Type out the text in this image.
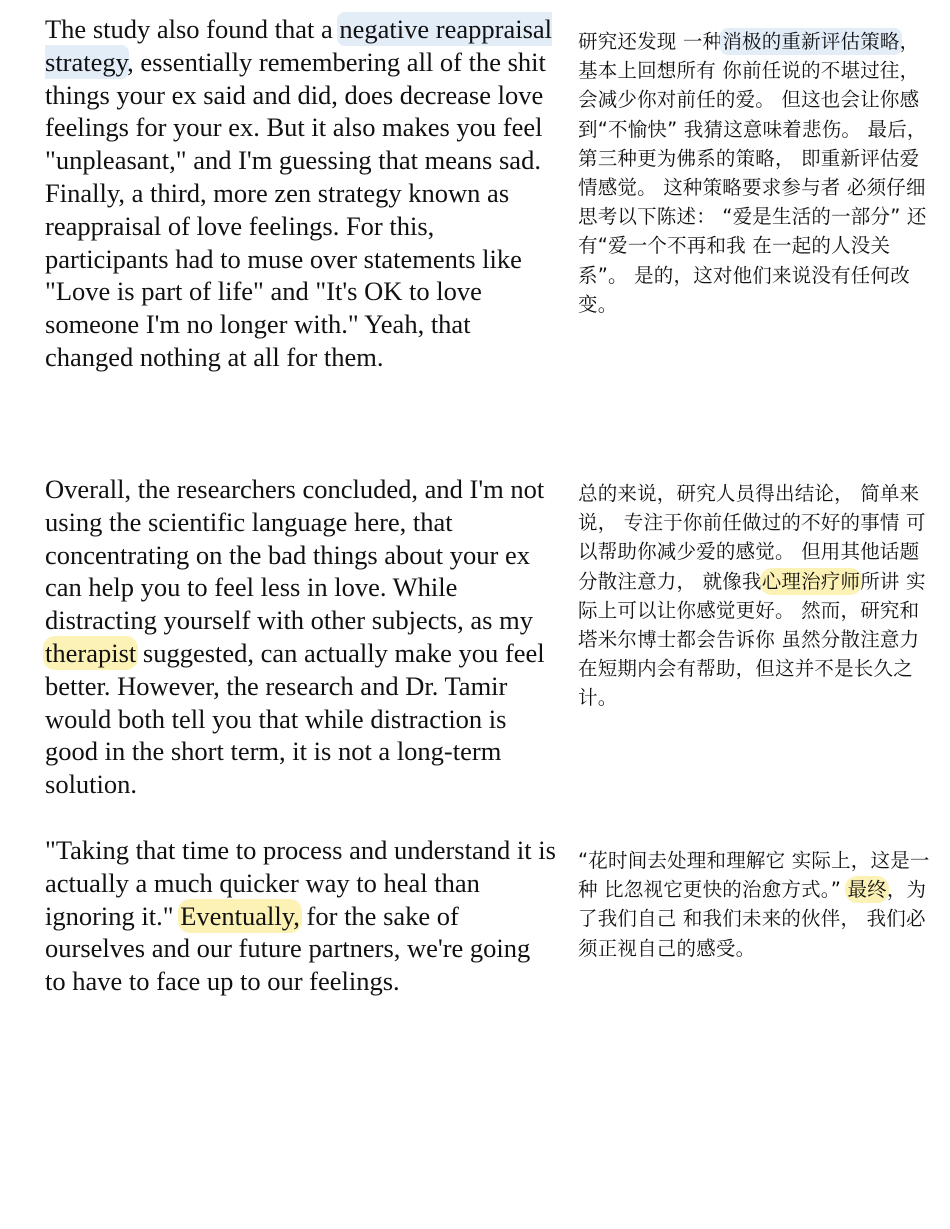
The study also found that a negative reappraisal strategy, essentially remembering all of the shit things your ex said and did, does decrease love feelings for your ex. But it also makes you feel "unpleasant," and I'm guessing that means sad. Finally, a third, more zen strategy known as reappraisal of love feelings. For this, participants had to muse over statements like "Love is part of life" and "It's OK to love someone I'm no longer with." Yeah, that changed nothing at all for them.

研究还发现 一种消极的重新评估策略， 基本上回想所有 你前任说的不堪过往， 会减少你对前任的爱。 但这也会让你感到“不愉快” 我猜这意味着悲伤。 最后，第三种更为佛系的策略， 即重新评估爱情感觉。 这种策略要求参与者 必须仔细思考以下陈述： “爱是生活的一部分” 还有“爱一个不再和我 在一起的人没关系”。 是的，这对他们来说没有任何改变。

Overall, the researchers concluded, and I'm not using the scientific language here, that concentrating on the bad things about your ex can help you to feel less in love. While distracting yourself with other subjects, as my therapist suggested, can actually make you feel better. However, the research and Dr. Tamir would both tell you that while distraction is good in the short term, it is not a long-term solution.

总的来说，研究人员得出结论， 简单来说， 专注于你前任做过的不好的事情 可以帮助你减少爱的感觉。 但用其他话题分散注意力， 就像我心理治疗师所讲 实际上可以让你感觉更好。 然而，研究和塔米尔博士都会告诉你 虽然分散注意力 在短期内会有帮助，但这并不是长久之计。

"Taking that time to process and understand it is actually a much quicker way to heal than ignoring it." Eventually, for the sake of ourselves and our future partners, we're going to have to face up to our feelings.

“花时间去处理和理解它 实际上，这是一种 比忽视它更快的治愈方式。” 最终，为了我们自己 和我们未来的伙伴， 我们必须正视自己的感受。
